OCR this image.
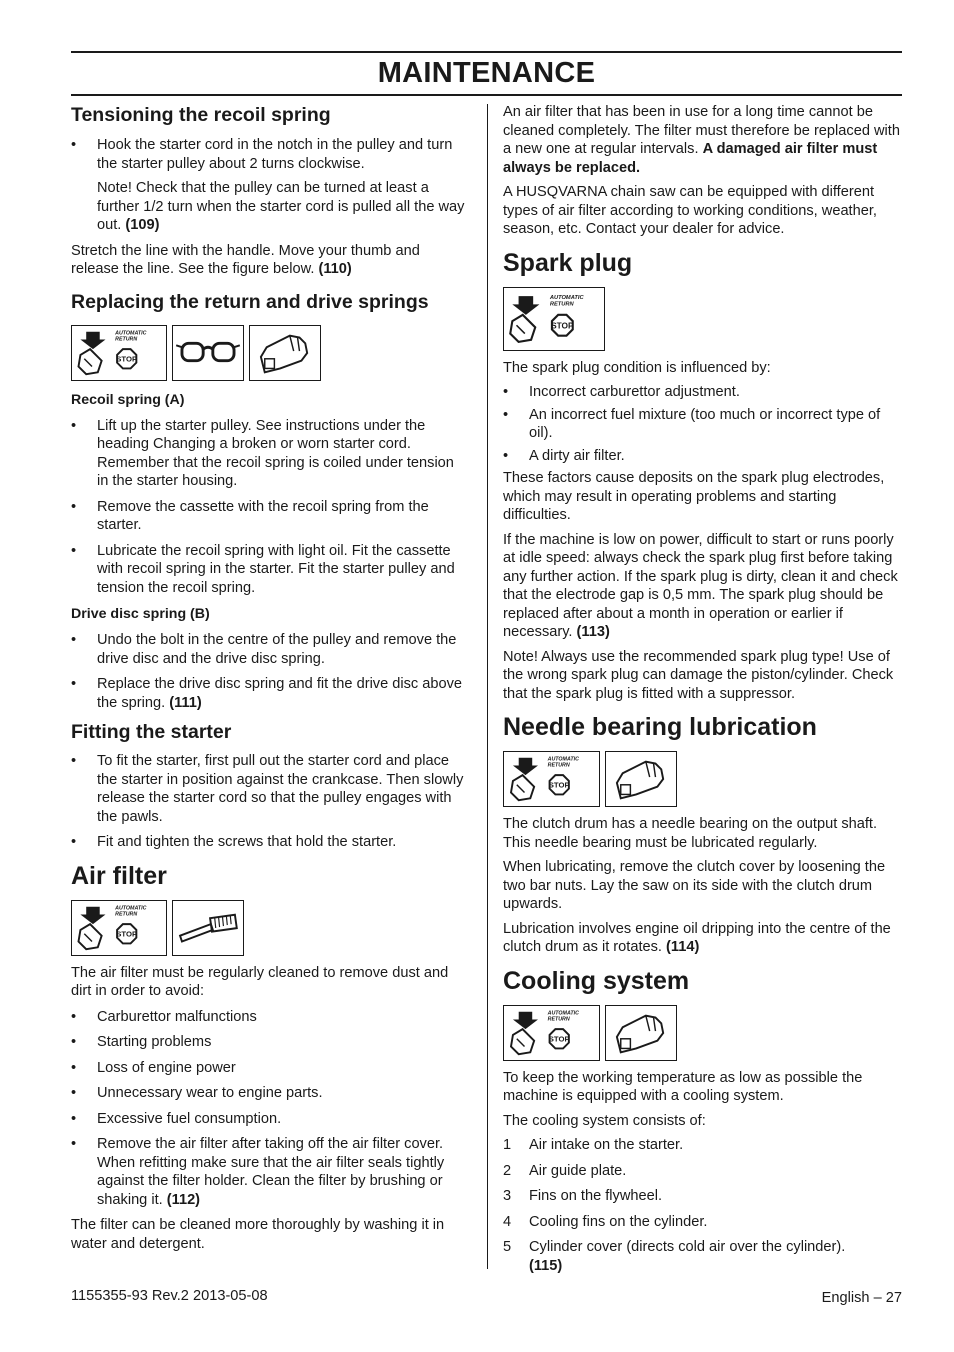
MAINTENANCE
Tensioning the recoil spring
•	Hook the starter cord in the notch in the pulley and turn the starter pulley about 2 turns clockwise.

Note! Check that the pulley can be turned at least a further 1/2 turn when the starter cord is pulled all the way out. (109)

Stretch the line with the handle. Move your thumb and release the line. See the figure below. (110)

Replacing the return and drive springs
Recoil spring (A)
•	Lift up the starter pulley. See instructions under the heading Changing a broken or worn starter cord. Remember that the recoil spring is coiled under tension in the starter housing.
•	Remove the cassette with the recoil spring from the starter.
•	Lubricate the recoil spring with light oil. Fit the cassette with recoil spring in the starter. Fit the starter pulley and tension the recoil spring.
Drive disc spring (B)
•	Undo the bolt in the centre of the pulley and remove the drive disc and the drive disc spring.
•	Replace the drive disc spring and fit the drive disc above the spring. (111)
Fitting the starter
•	To fit the starter, first pull out the starter cord and place the starter in position against the crankcase. Then slowly release the starter cord so that the pulley engages with the pawls.
•	Fit and tighten the screws that hold the starter.
Air filter

The air filter must be regularly cleaned to remove dust and dirt in order to avoid:

•	Carburettor malfunctions
•	Starting problems
•	Loss of engine power
•	Unnecessary wear to engine parts.
•	Excessive fuel consumption.
•	Remove the air filter after taking off the air filter cover. When refitting make sure that the air filter seals tightly against the filter holder. Clean the filter by brushing or shaking it. (112)

The filter can be cleaned more thoroughly by washing it in water and detergent.

An air filter that has been in use for a long time cannot be cleaned completely. The filter must therefore be replaced with a new one at regular intervals. A damaged air filter must always be replaced.

A HUSQVARNA chain saw can be equipped with different types of air filter according to working conditions, weather, season, etc. Contact your dealer for advice.

Spark plug

The spark plug condition is influenced by:

•	Incorrect carburettor adjustment.
•	An incorrect fuel mixture (too much or incorrect type of oil).
•	A dirty air filter.

These factors cause deposits on the spark plug electrodes, which may result in operating problems and starting difficulties.

If the machine is low on power, difficult to start or runs poorly at idle speed: always check the spark plug first before taking any further action. If the spark plug is dirty, clean it and check that the electrode gap is 0,5 mm. The spark plug should be replaced after about a month in operation or earlier if necessary. (113)

Note! Always use the recommended spark plug type! Use of the wrong spark plug can damage the piston/cylinder. Check that the spark plug is fitted with a suppressor.

Needle bearing lubrication

The clutch drum has a needle bearing on the output shaft. This needle bearing must be lubricated regularly.

When lubricating, remove the clutch cover by loosening the two bar nuts. Lay the saw on its side with the clutch drum upwards.

Lubrication involves engine oil dripping into the centre of the clutch drum as it rotates. (114)

Cooling system

To keep the working temperature as low as possible the machine is equipped with a cooling system.

The cooling system consists of:

1	Air intake on the starter.
2	Air guide plate.
3	Fins on the flywheel.
4	Cooling fins on the cylinder.
5	Cylinder cover (directs cold air over the cylinder).
(115)
1155355-93 Rev.2 2013-05-08	English – 27
